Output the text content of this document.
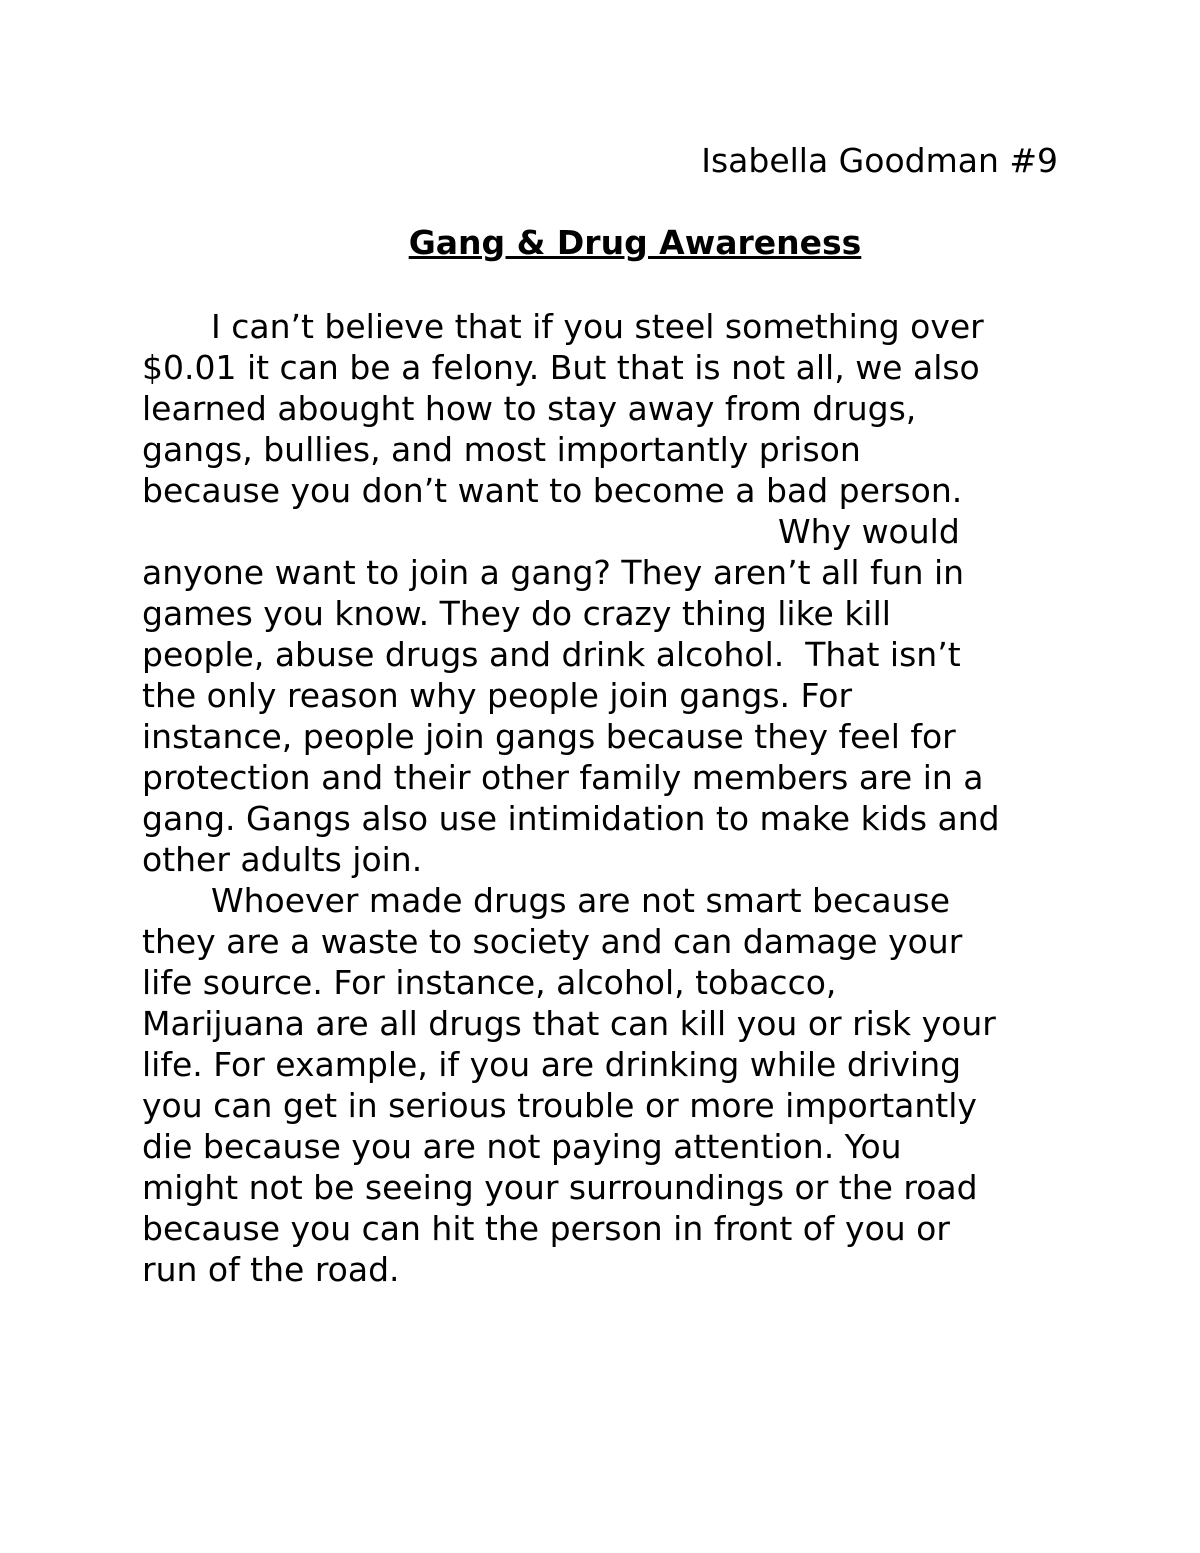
Isabella Goodman #9
Gang & Drug Awareness
I can’t believe that if you steel something over
$0.01 it can be a felony. But that is not all, we also
learned abought how to stay away from drugs,
gangs, bullies, and most importantly prison
because you don’t want to become a bad person.
Why would
anyone want to join a gang? They aren’t all fun in
games you know. They do crazy thing like kill
people, abuse drugs and drink alcohol.  That isn’t
the only reason why people join gangs. For
instance, people join gangs because they feel for
protection and their other family members are in a
gang. Gangs also use intimidation to make kids and
other adults join.
Whoever made drugs are not smart because
they are a waste to society and can damage your
life source. For instance, alcohol, tobacco,
Marijuana are all drugs that can kill you or risk your
life. For example, if you are drinking while driving
you can get in serious trouble or more importantly
die because you are not paying attention. You
might not be seeing your surroundings or the road
because you can hit the person in front of you or
run of the road.
